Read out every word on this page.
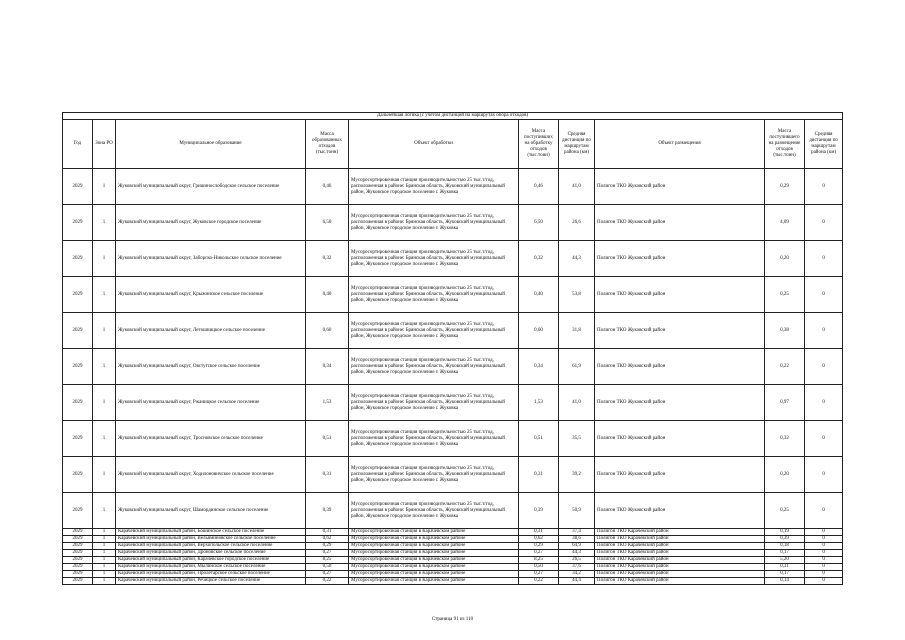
Дальнейшая логика (с учетом дистанций на маршрутах обора отходов)									
Год	Зона РО	Муниципальное образование	Масса образованных отходов (тыс.тонн)	Объект обработки	Масса поступивших на обработку отходов (тыс.тонн)	Средняя дистанция по маршрутам района (км)	Объект размещения	Масса поступившего на размещение отходов (тыс.тонн)	Средняя дистанция по маршрутам района (км)
2029	1	Жуковский муниципальный округ, Гришинослободское сельское поселение	0,46	Мусоросортировочная станция производительностью 25 тыс.т/год,
расположенная в районе: Брянская область, Жуковский муниципальный район, Жуковское городское поселение г. Жуковка	0,46	41,0	Полигон ТКО Жуковский район	0,29	0
2029	1	Жуковский муниципальный округ, Жуковское городское поселение	6,50	Мусоросортировочная станция производительностью 25 тыс.т/год,
расположенная в районе: Брянская область, Жуковский муниципальный район, Жуковское городское поселение г. Жуковка	6,50	26,6	Полигон ТКО Жуковский район	4,09	0
2029	1	Жуковский муниципальный округ, Заборско-Никольское сельское поселение	0,32	Мусоросортировочная станция производительностью 25 тыс.т/год,
расположенная в районе: Брянская область, Жуковский муниципальный район, Жуковское городское поселение г. Жуковка	0,32	44,3	Полигон ТКО Жуковский район	0,20	0
2029	1	Жуковский муниципальный округ, Крыжинское сельское поселение	0,40	Мусоросортировочная станция производительностью 25 тыс.т/год,
расположенная в районе: Брянская область, Жуковский муниципальный район, Жуковское городское поселение г. Жуковка	0,40	53,8	Полигон ТКО Жуковский район	0,25	0
2029	1	Жуковский муниципальный округ, Летошницкое сельское поселение	0,60	Мусоросортировочная станция производительностью 25 тыс.т/год,
расположенная в районе: Брянская область, Жуковский муниципальный район, Жуковское городское поселение г. Жуковка	0,60	31,8	Полигон ТКО Жуковский район	0,38	0
2029	1	Жуковский муниципальный округ, Овстугское сельское поселение	0,34	Мусоросортировочная станция производительностью 25 тыс.т/год,
расположенная в районе: Брянская область, Жуковский муниципальный район, Жуковское городское поселение г. Жуковка	0,34	61,9	Полигон ТКО Жуковский район	0,22	0
2029	1	Жуковский муниципальный округ, Ржаницкое сельское поселение	1,53	Мусоросортировочная станция производительностью 25 тыс.т/год,
расположенная в районе: Брянская область, Жуковский муниципальный район, Жуковское городское поселение г. Жуковка	1,53	41,0	Полигон ТКО Жуковский район	0,97	0
2029	1	Жуковский муниципальный округ, Тросновское сельское поселение	0,51	Мусоросортировочная станция производительностью 25 тыс.т/год,
расположенная в районе: Брянская область, Жуковский муниципальный район, Жуковское городское поселение г. Жуковка	0,51	35,5	Полигон ТКО Жуковский район	0,32	0
2029	1	Жуковский муниципальный округ, Ходилоновичское сельское поселение	0,31	Мусоросортировочная станция производительностью 25 тыс.т/год,
расположенная в районе: Брянская область, Жуковский муниципальный район, Жуковское городское поселение г. Жуковка	0,31	39,2	Полигон ТКО Жуковский район	0,20	0
2029	1	Жуковский муниципальный округ, Шамординское сельское поселение	0,39	Мусоросортировочная станция производительностью 25 тыс.т/год,
расположенная в районе: Брянская область, Жуковский муниципальный район, Жуковское городское поселение г. Жуковка	0,39	50,9	Полигон ТКО Жуковский район	0,25	0
2029	1	Карачевский муниципальный район, Бошинское сельское поселение	0,31	Мусоросортировочная станция в Карачевском районе	0,31	37,4	Полигон ТКО Карачевский район	0,19	0
2029	1	Карачевский муниципальный район, Вельяминовское сельское поселение	0,62	Мусоросортировочная станция в Карачевском районе	0,62	38,6	Полигон ТКО Карачевский район	0,39	0
2029	1	Карачевский муниципальный район, Верхопольское сельское поселение	0,29	Мусоросортировочная станция в Карачевском районе	0,29	64,9	Полигон ТКО Карачевский район	0,18	0
2029	1	Карачевский муниципальный район, Дроновское сельское поселение	0,27	Мусоросортировочная станция в Карачевском районе	0,27	44,3	Полигон ТКО Карачевский район	0,17	0
2029	1	Карачевский муниципальный район, Карачевское городское поселение	8,25	Мусоросортировочная станция в Карачевском районе	8,25	26,5	Полигон ТКО Карачевский район	5,20	0
2029	1	Карачевский муниципальный район, Мылинское сельское поселение	0,50	Мусоросортировочная станция в Карачевском районе	0,50	37,6	Полигон ТКО Карачевский район	0,31	0
2029	1	Карачевский муниципальный район, Пролетарское сельское поселение	0,27	Мусоросортировочная станция в Карачевском районе	0,27	34,2	Полигон ТКО Карачевский район	0,17	0
2029	1	Карачевский муниципальный район, Речицкое сельское поселение	0,22	Мусоросортировочная станция в Карачевском районе	0,22	44,4	Полигон ТКО Карачевский район	0,14	0
Страница 91 из 110
